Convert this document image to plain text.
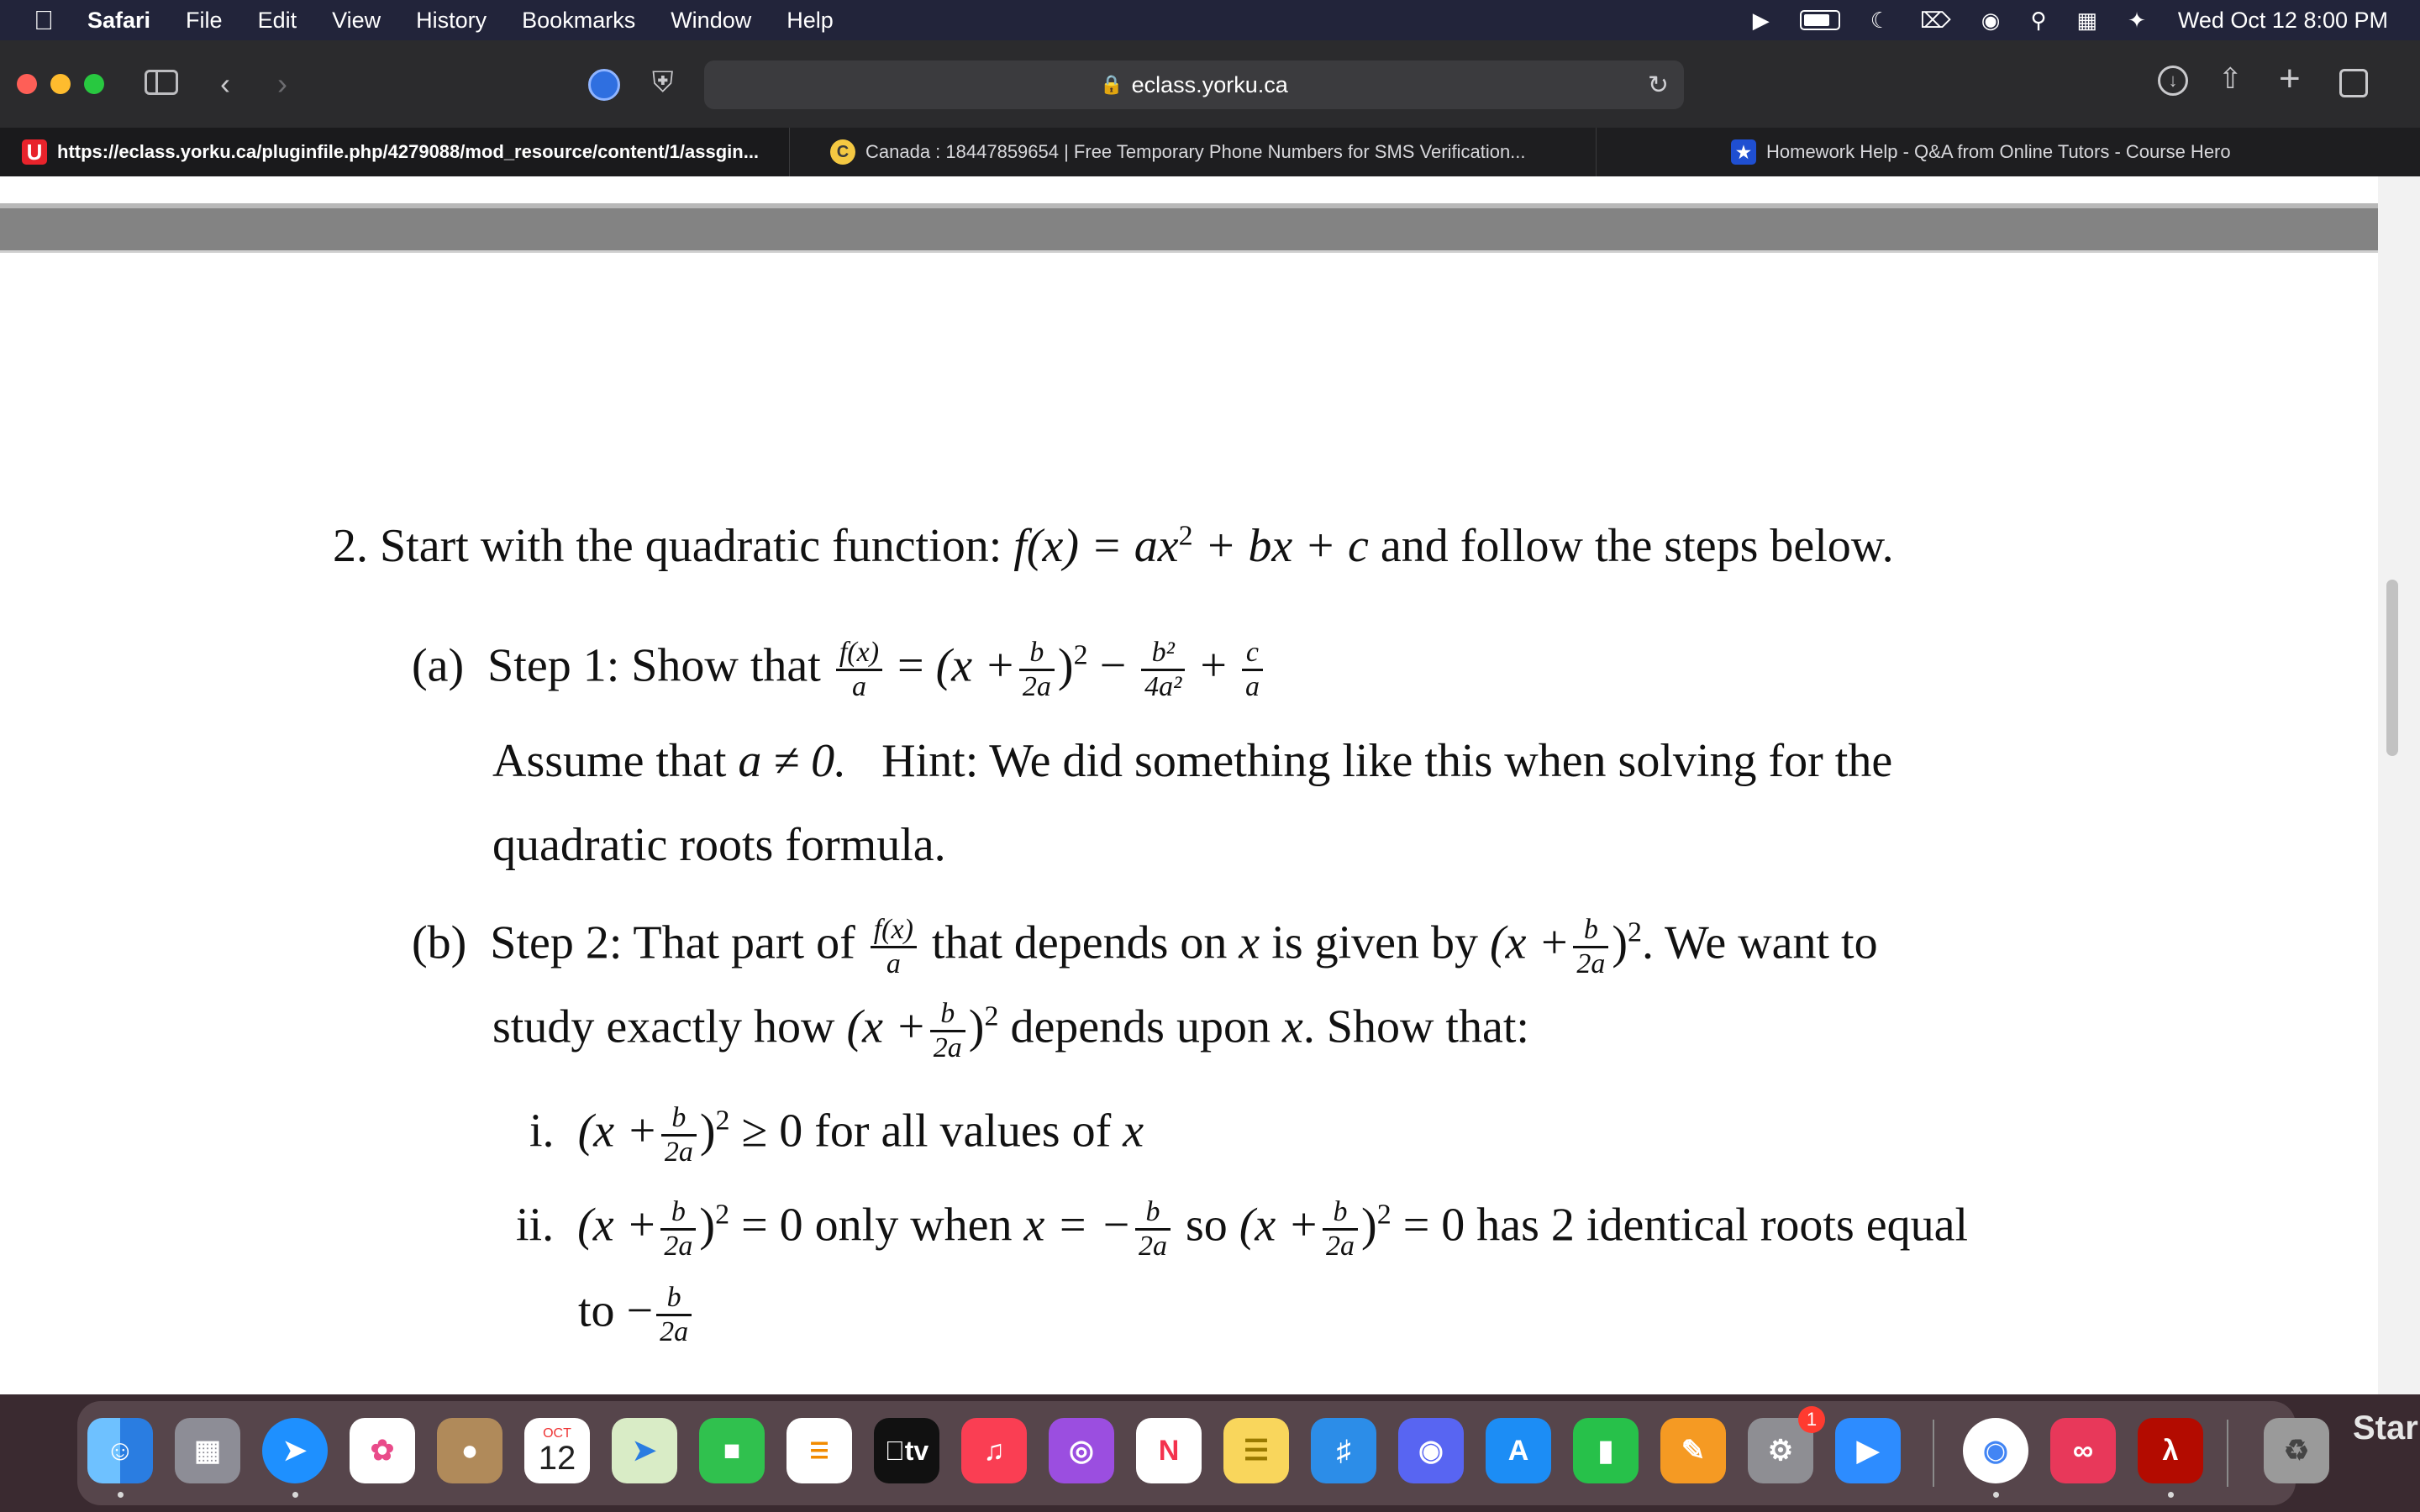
Safari File Edit View History Bookmarks Window Help	▶	☾ ⌦ ◉ ⚲ ▦ ✦ Wed Oct 12 8:00 PM
‹ ›	⛨	🔒 eclass.yorku.ca	↻	↓	⇧ +
U https://eclass.yorku.ca/pluginfile.php/4279088/mod_resource/content/1/assgin...	C Canada : 18447859654 | Free Temporary Phone Numbers for SMS Verification...	★ Homework Help - Q&A from Online Tutors - Course Hero
2. Start with the quadratic function: $f(x) = ax^2$ + bx + c and follow the steps below.
(a) Step 1: Show that $\frac{f(x)}{a} = (x + \frac{b}{2a} )^2 - \frac{\text{b²}}{\text{4a²}} + \frac{c}{a}$
Assume that a ≠ 0. Hint: We did something like this when solving for the
quadratic roots formula.
(b) Step 2: That part of $\frac{f(x)}{a}$ that depends on x is given by $(x + \frac{b}{2a} )^2$. We want to
study exactly how $(x + \frac{b}{2a} )^2$ depends upon x. Show that:
i. $(x + \frac{b}{2a} )^2 \ge 0$ for all values of x
ii. $(x + \frac{b}{2a} )^2 = 0$ only when x = − $\frac{b}{2a}$ so $(x + \frac{b}{2a} )^2 = 0$ has 2 identical roots equal
to − $\frac{b}{2a}$
☺	▦	➤	✿	●
OCT
12	➤	■	☰	tv	♫	◎	N	☰	♯	◉	A	▮	✎	⚙
1
▶	◉	∞	λ	♻
Star
